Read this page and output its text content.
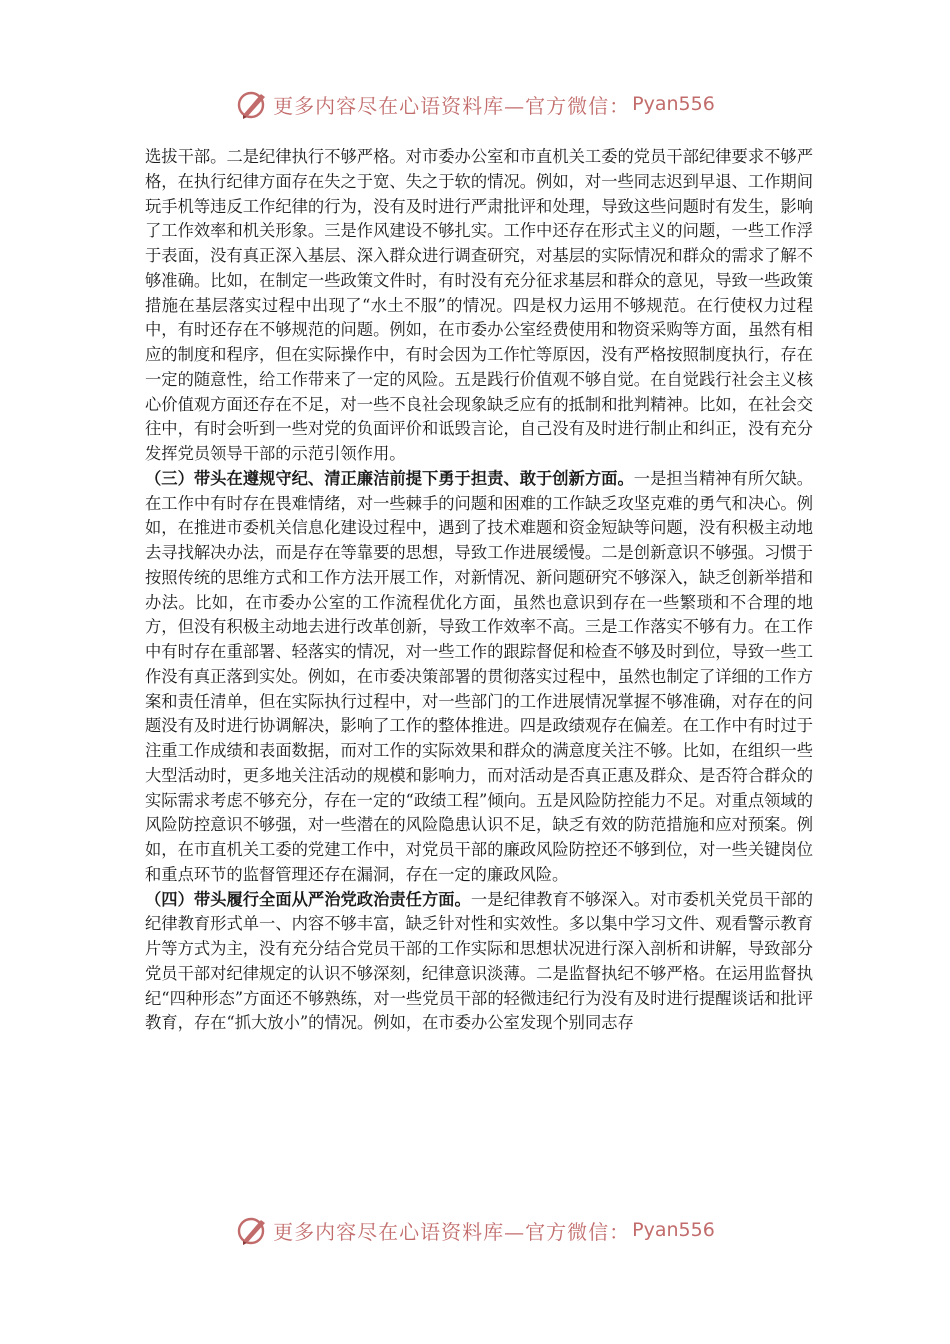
更多内容尽在心语资料库—官方微信： Pyan556

选拔干部。二是纪律执行不够严格。对市委办公室和市直机关工委的党员干部纪律要求不够严格，在执行纪律方面存在失之于宽、失之于软的情况。例如，对一些同志迟到早退、工作期间玩手机等违反工作纪律的行为，没有及时进行严肃批评和处理，导致这些问题时有发生，影响了工作效率和机关形象。三是作风建设不够扎实。工作中还存在形式主义的问题，一些工作浮于表面，没有真正深入基层、深入群众进行调查研究，对基层的实际情况和群众的需求了解不够准确。比如，在制定一些政策文件时，有时没有充分征求基层和群众的意见，导致一些政策措施在基层落实过程中出现了“水土不服”的情况。四是权力运用不够规范。在行使权力过程中，有时还存在不够规范的问题。例如，在市委办公室经费使用和物资采购等方面，虽然有相应的制度和程序，但在实际操作中，有时会因为工作忙等原因，没有严格按照制度执行，存在一定的随意性，给工作带来了一定的风险。五是践行价值观不够自觉。在自觉践行社会主义核心价值观方面还存在不足，对一些不良社会现象缺乏应有的抵制和批判精神。比如，在社会交往中，有时会听到一些对党的负面评价和诋毁言论，自己没有及时进行制止和纠正，没有充分发挥党员领导干部的示范引领作用。

（三）带头在遵规守纪、清正廉洁前提下勇于担责、敢于创新方面。一是担当精神有所欠缺。在工作中有时存在畏难情绪，对一些棘手的问题和困难的工作缺乏攻坚克难的勇气和决心。例如，在推进市委机关信息化建设过程中，遇到了技术难题和资金短缺等问题，没有积极主动地去寻找解决办法，而是存在等靠要的思想，导致工作进展缓慢。二是创新意识不够强。习惯于按照传统的思维方式和工作方法开展工作，对新情况、新问题研究不够深入，缺乏创新举措和办法。比如，在市委办公室的工作流程优化方面，虽然也意识到存在一些繁琐和不合理的地方，但没有积极主动地去进行改革创新，导致工作效率不高。三是工作落实不够有力。在工作中有时存在重部署、轻落实的情况，对一些工作的跟踪督促和检查不够及时到位，导致一些工作没有真正落到实处。例如，在市委决策部署的贯彻落实过程中，虽然也制定了详细的工作方案和责任清单，但在实际执行过程中，对一些部门的工作进展情况掌握不够准确，对存在的问题没有及时进行协调解决，影响了工作的整体推进。四是政绩观存在偏差。在工作中有时过于注重工作成绩和表面数据，而对工作的实际效果和群众的满意度关注不够。比如，在组织一些大型活动时，更多地关注活动的规模和影响力，而对活动是否真正惠及群众、是否符合群众的实际需求考虑不够充分，存在一定的“政绩工程”倾向。五是风险防控能力不足。对重点领域的风险防控意识不够强，对一些潜在的风险隐患认识不足，缺乏有效的防范措施和应对预案。例如，在市直机关工委的党建工作中，对党员干部的廉政风险防控还不够到位，对一些关键岗位和重点环节的监督管理还存在漏洞，存在一定的廉政风险。

（四）带头履行全面从严治党政治责任方面。一是纪律教育不够深入。对市委机关党员干部的纪律教育形式单一、内容不够丰富，缺乏针对性和实效性。多以集中学习文件、观看警示教育片等方式为主，没有充分结合党员干部的工作实际和思想状况进行深入剖析和讲解，导致部分党员干部对纪律规定的认识不够深刻，纪律意识淡薄。二是监督执纪不够严格。在运用监督执纪“四种形态”方面还不够熟练，对一些党员干部的轻微违纪行为没有及时进行提醒谈话和批评教育，存在“抓大放小”的情况。例如，在市委办公室发现个别同志存

更多内容尽在心语资料库—官方微信： Pyan556
